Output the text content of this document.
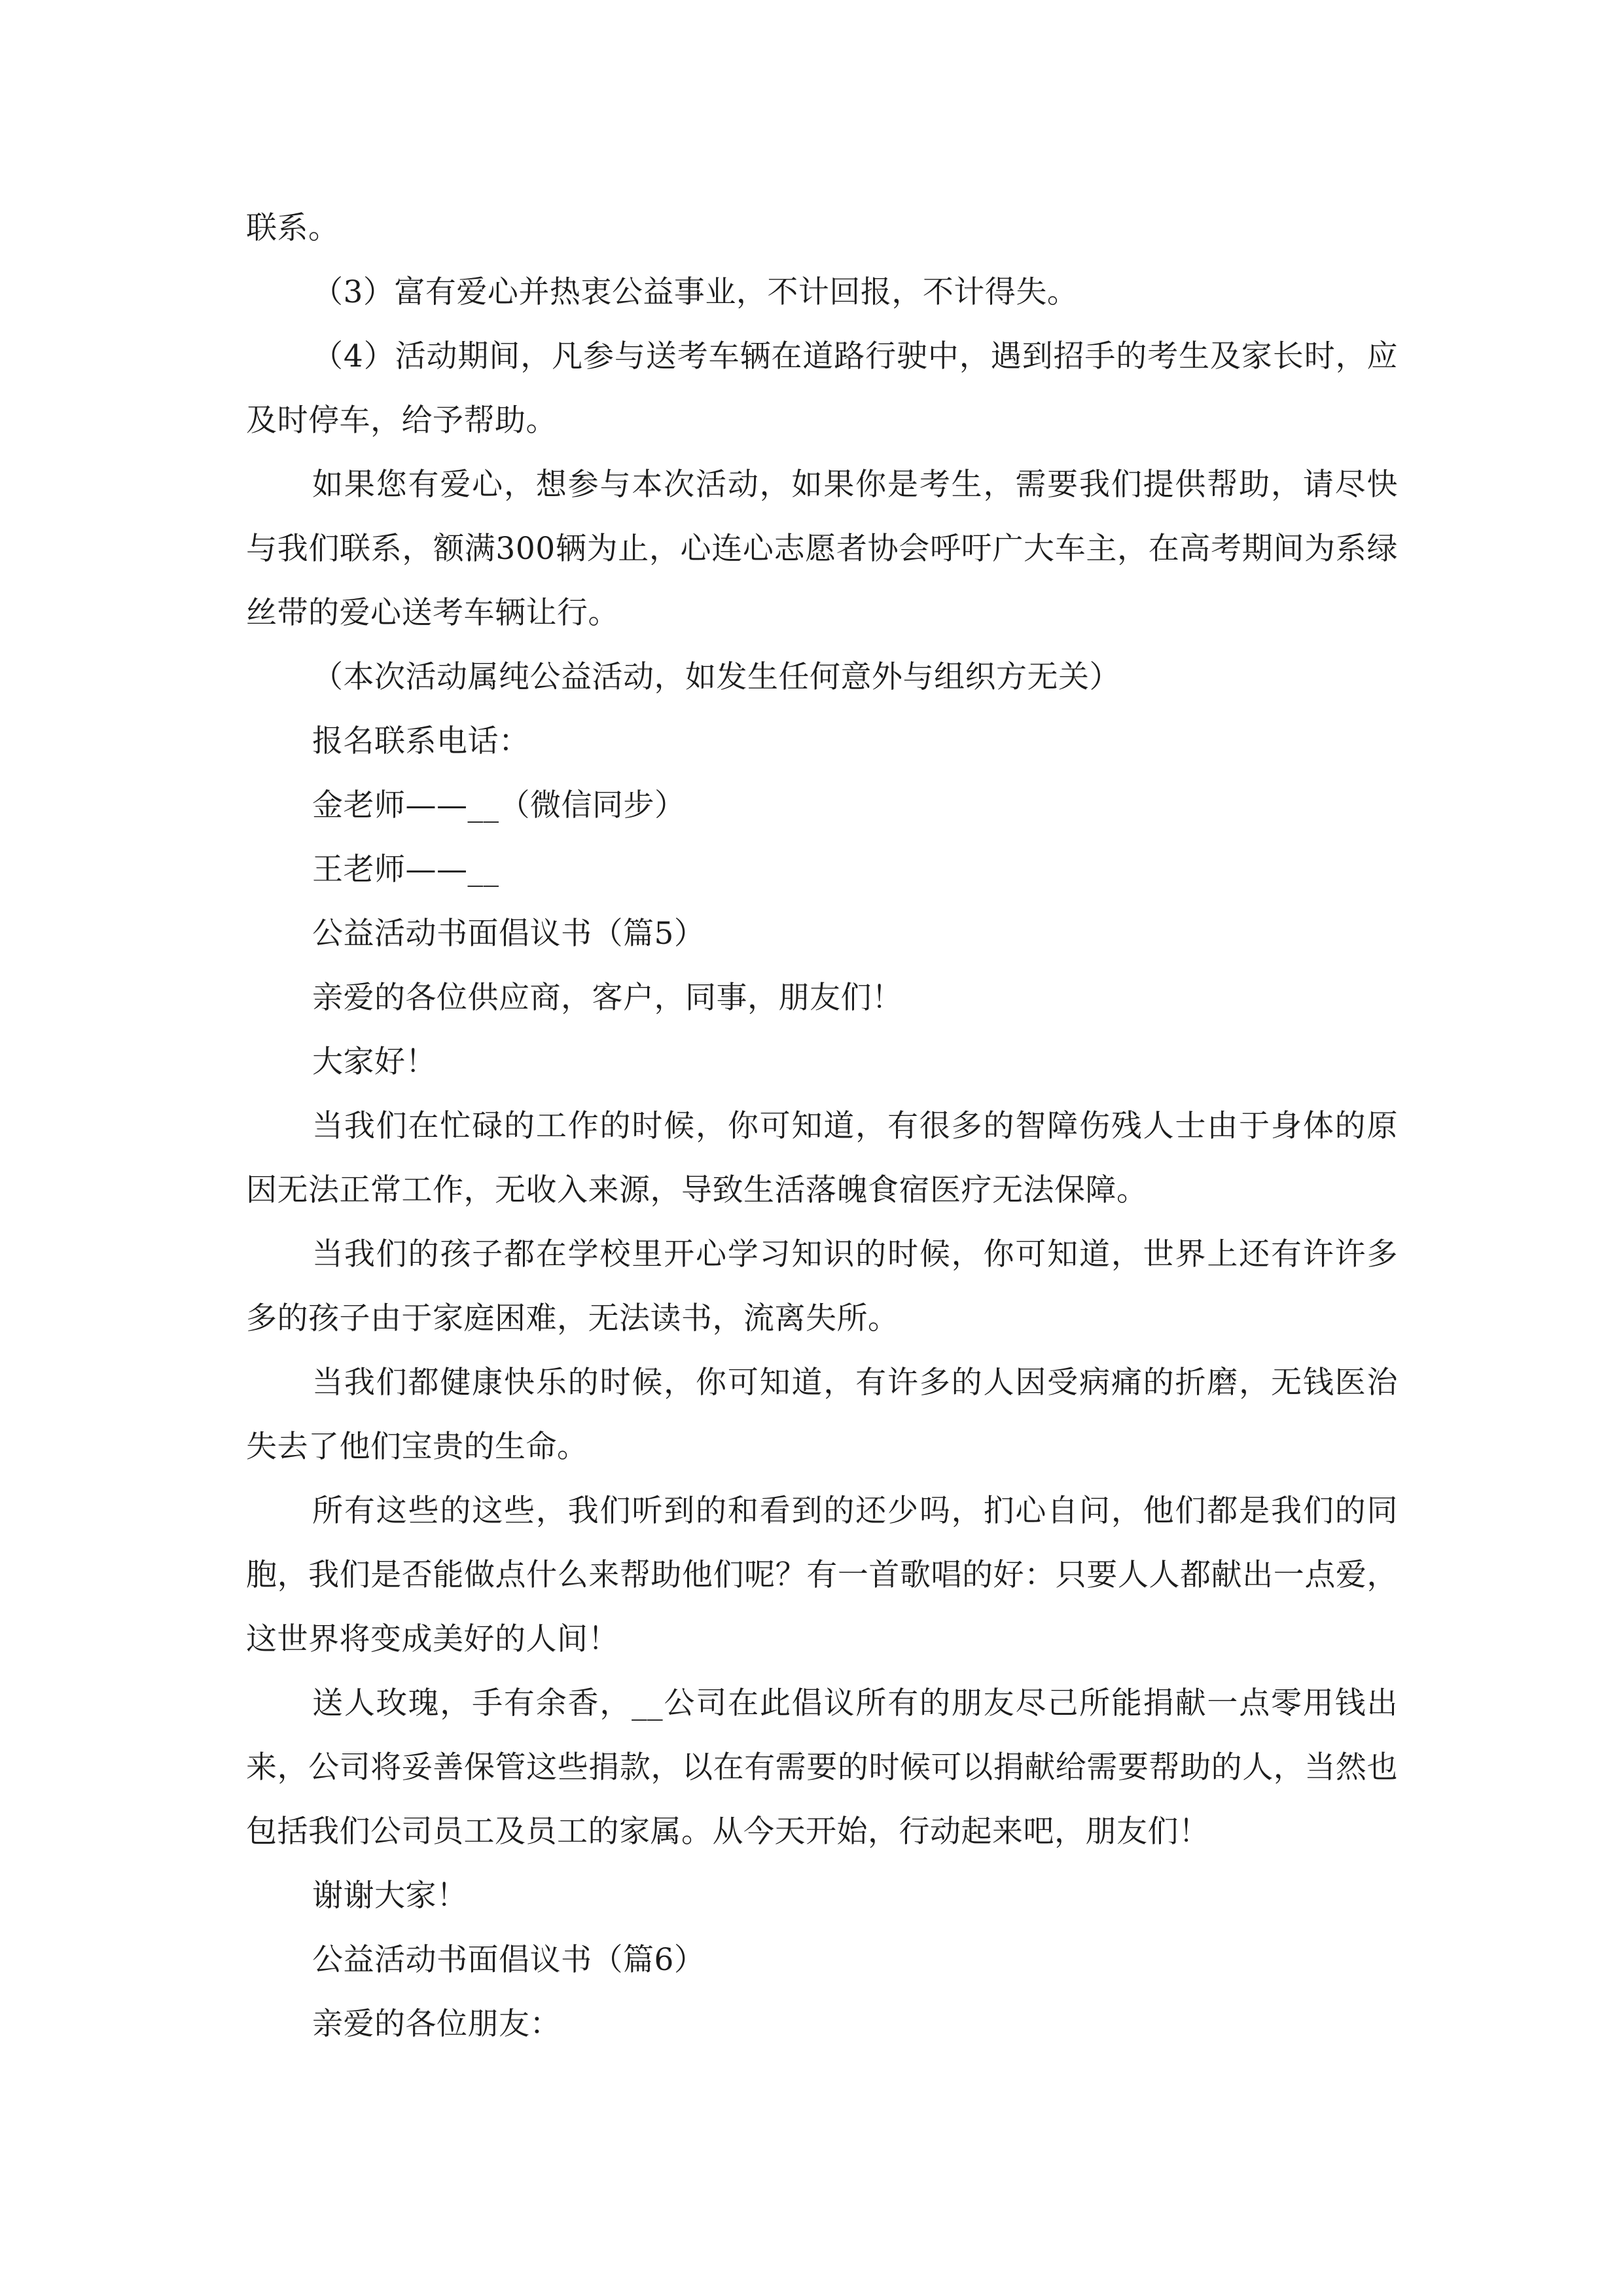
联系。

（3）富有爱心并热衷公益事业，不计回报，不计得失。

（4）活动期间，凡参与送考车辆在道路行驶中，遇到招手的考生及家长时，应及时停车，给予帮助。

如果您有爱心，想参与本次活动，如果你是考生，需要我们提供帮助，请尽快与我们联系，额满300辆为止，心连心志愿者协会呼吁广大车主，在高考期间为系绿丝带的爱心送考车辆让行。

（本次活动属纯公益活动，如发生任何意外与组织方无关）

报名联系电话：

金老师——__（微信同步）

王老师——__

公益活动书面倡议书（篇5）

亲爱的各位供应商，客户，同事，朋友们！

大家好！

当我们在忙碌的工作的时候，你可知道，有很多的智障伤残人士由于身体的原因无法正常工作，无收入来源，导致生活落魄食宿医疗无法保障。

当我们的孩子都在学校里开心学习知识的时候，你可知道，世界上还有许许多多的孩子由于家庭困难，无法读书，流离失所。

当我们都健康快乐的时候，你可知道，有许多的人因受病痛的折磨，无钱医治失去了他们宝贵的生命。

所有这些的这些，我们听到的和看到的还少吗，扪心自问，他们都是我们的同胞，我们是否能做点什么来帮助他们呢？有一首歌唱的好：只要人人都献出一点爱，这世界将变成美好的人间！

送人玫瑰，手有余香，__公司在此倡议所有的朋友尽己所能捐献一点零用钱出来，公司将妥善保管这些捐款，以在有需要的时候可以捐献给需要帮助的人，当然也包括我们公司员工及员工的家属。从今天开始，行动起来吧，朋友们！

谢谢大家！

公益活动书面倡议书（篇6）

亲爱的各位朋友：
